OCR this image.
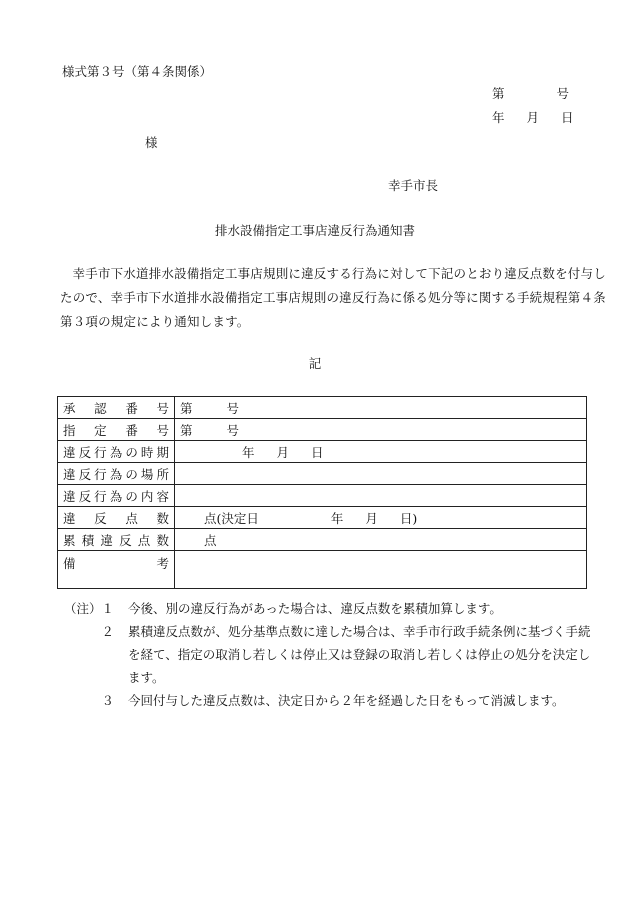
様式第３号（第４条関係）
第	号
年 月 日
様
幸手市長
排水設備指定工事店違反行為通知書
幸手市下水道排水設備指定工事店規則に違反する行為に対して下記のとおり違反点数を付与したので、幸手市下水道排水設備指定工事店規則の違反行為に係る処分等に関する手続規程第４条第３項の規定により通知します。
記
承認番号	第 号
指定番号	第 号
違反行為の時期	年 月 日
違反行為の場所	
違反行為の内容	
違反点数	点(決定日 年 月 日)
累積違反点数	点
備考	
（注）１	今後、別の違反行為があった場合は、違反点数を累積加算します。
２	累積違反点数が、処分基準点数に達した場合は、幸手市行政手続条例に基づく手続を経て、指定の取消し若しくは停止又は登録の取消し若しくは停止の処分を決定します。
３	今回付与した違反点数は、決定日から２年を経過した日をもって消滅します。
